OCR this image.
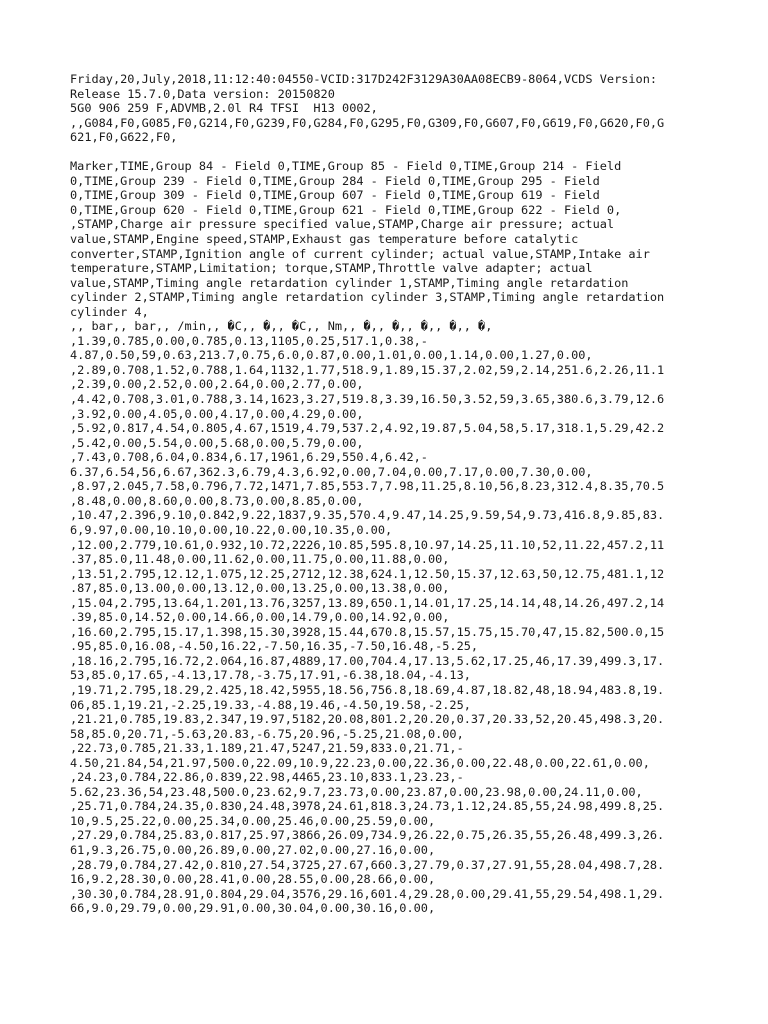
Friday,20,July,2018,11:12:40:04550-VCID:317D242F3129A30AA08ECB9-8064,VCDS Version:
Release 15.7.0,Data version: 20150820
5G0 906 259 F,ADVMB,2.0l R4 TFSI  H13 0002,
,,G084,F0,G085,F0,G214,F0,G239,F0,G284,F0,G295,F0,G309,F0,G607,F0,G619,F0,G620,F0,G
621,F0,G622,F0,
Marker,TIME,Group 84 - Field 0,TIME,Group 85 - Field 0,TIME,Group 214 - Field
0,TIME,Group 239 - Field 0,TIME,Group 284 - Field 0,TIME,Group 295 - Field
0,TIME,Group 309 - Field 0,TIME,Group 607 - Field 0,TIME,Group 619 - Field
0,TIME,Group 620 - Field 0,TIME,Group 621 - Field 0,TIME,Group 622 - Field 0,
,STAMP,Charge air pressure specified value,STAMP,Charge air pressure; actual
value,STAMP,Engine speed,STAMP,Exhaust gas temperature before catalytic
converter,STAMP,Ignition angle of current cylinder; actual value,STAMP,Intake air
temperature,STAMP,Limitation; torque,STAMP,Throttle valve adapter; actual
value,STAMP,Timing angle retardation cylinder 1,STAMP,Timing angle retardation
cylinder 2,STAMP,Timing angle retardation cylinder 3,STAMP,Timing angle retardation
cylinder 4,
,, bar,, bar,, /min,, �C,, �,, �C,, Nm,, �,, �,, �,, �,, �,
,1.39,0.785,0.00,0.785,0.13,1105,0.25,517.1,0.38,-
4.87,0.50,59,0.63,213.7,0.75,6.0,0.87,0.00,1.01,0.00,1.14,0.00,1.27,0.00,
,2.89,0.708,1.52,0.788,1.64,1132,1.77,518.9,1.89,15.37,2.02,59,2.14,251.6,2.26,11.1
,2.39,0.00,2.52,0.00,2.64,0.00,2.77,0.00,
,4.42,0.708,3.01,0.788,3.14,1623,3.27,519.8,3.39,16.50,3.52,59,3.65,380.6,3.79,12.6
,3.92,0.00,4.05,0.00,4.17,0.00,4.29,0.00,
,5.92,0.817,4.54,0.805,4.67,1519,4.79,537.2,4.92,19.87,5.04,58,5.17,318.1,5.29,42.2
,5.42,0.00,5.54,0.00,5.68,0.00,5.79,0.00,
,7.43,0.708,6.04,0.834,6.17,1961,6.29,550.4,6.42,-
6.37,6.54,56,6.67,362.3,6.79,4.3,6.92,0.00,7.04,0.00,7.17,0.00,7.30,0.00,
,8.97,2.045,7.58,0.796,7.72,1471,7.85,553.7,7.98,11.25,8.10,56,8.23,312.4,8.35,70.5
,8.48,0.00,8.60,0.00,8.73,0.00,8.85,0.00,
,10.47,2.396,9.10,0.842,9.22,1837,9.35,570.4,9.47,14.25,9.59,54,9.73,416.8,9.85,83.
6,9.97,0.00,10.10,0.00,10.22,0.00,10.35,0.00,
,12.00,2.779,10.61,0.932,10.72,2226,10.85,595.8,10.97,14.25,11.10,52,11.22,457.2,11
.37,85.0,11.48,0.00,11.62,0.00,11.75,0.00,11.88,0.00,
,13.51,2.795,12.12,1.075,12.25,2712,12.38,624.1,12.50,15.37,12.63,50,12.75,481.1,12
.87,85.0,13.00,0.00,13.12,0.00,13.25,0.00,13.38,0.00,
,15.04,2.795,13.64,1.201,13.76,3257,13.89,650.1,14.01,17.25,14.14,48,14.26,497.2,14
.39,85.0,14.52,0.00,14.66,0.00,14.79,0.00,14.92,0.00,
,16.60,2.795,15.17,1.398,15.30,3928,15.44,670.8,15.57,15.75,15.70,47,15.82,500.0,15
.95,85.0,16.08,-4.50,16.22,-7.50,16.35,-7.50,16.48,-5.25,
,18.16,2.795,16.72,2.064,16.87,4889,17.00,704.4,17.13,5.62,17.25,46,17.39,499.3,17.
53,85.0,17.65,-4.13,17.78,-3.75,17.91,-6.38,18.04,-4.13,
,19.71,2.795,18.29,2.425,18.42,5955,18.56,756.8,18.69,4.87,18.82,48,18.94,483.8,19.
06,85.1,19.21,-2.25,19.33,-4.88,19.46,-4.50,19.58,-2.25,
,21.21,0.785,19.83,2.347,19.97,5182,20.08,801.2,20.20,0.37,20.33,52,20.45,498.3,20.
58,85.0,20.71,-5.63,20.83,-6.75,20.96,-5.25,21.08,0.00,
,22.73,0.785,21.33,1.189,21.47,5247,21.59,833.0,21.71,-
4.50,21.84,54,21.97,500.0,22.09,10.9,22.23,0.00,22.36,0.00,22.48,0.00,22.61,0.00,
,24.23,0.784,22.86,0.839,22.98,4465,23.10,833.1,23.23,-
5.62,23.36,54,23.48,500.0,23.62,9.7,23.73,0.00,23.87,0.00,23.98,0.00,24.11,0.00,
,25.71,0.784,24.35,0.830,24.48,3978,24.61,818.3,24.73,1.12,24.85,55,24.98,499.8,25.
10,9.5,25.22,0.00,25.34,0.00,25.46,0.00,25.59,0.00,
,27.29,0.784,25.83,0.817,25.97,3866,26.09,734.9,26.22,0.75,26.35,55,26.48,499.3,26.
61,9.3,26.75,0.00,26.89,0.00,27.02,0.00,27.16,0.00,
,28.79,0.784,27.42,0.810,27.54,3725,27.67,660.3,27.79,0.37,27.91,55,28.04,498.7,28.
16,9.2,28.30,0.00,28.41,0.00,28.55,0.00,28.66,0.00,
,30.30,0.784,28.91,0.804,29.04,3576,29.16,601.4,29.28,0.00,29.41,55,29.54,498.1,29.
66,9.0,29.79,0.00,29.91,0.00,30.04,0.00,30.16,0.00,
